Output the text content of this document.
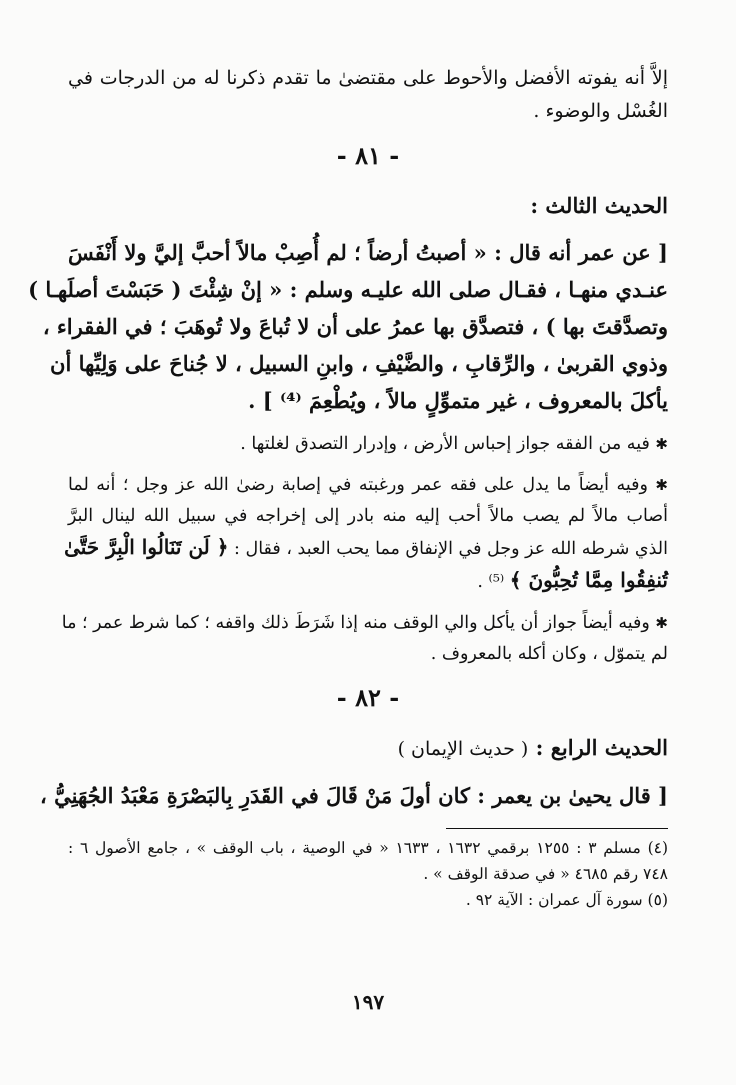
إلاَّ أنه يفوته الأفضل والأحوط على مقتضىٰ ما تقدم ذكرنا له من الدرجات في
الغُسْل والوضوء .
- ٨١ -
الحديث الثالث :
[ عن عمر أنه قال : « أصبتُ أرضاً ؛ لم أُصِبْ مالاً أحبَّ إليَّ ولا أَنْفَسَ
عنـدي منهـا ، فقـال صلى الله عليـه وسلم : « إنْ شِئْتَ ( حَبَسْتَ أصلَهـا )
وتصدَّقتَ بها ) ، فتصدَّق بها عمرُ على أن لا تُباعَ ولا تُوهَبَ ؛ في الفقراء ،
وذوي القربىٰ ، والرِّقابِ ، والضَّيْفِ ، وابنِ السبيل ، لا جُناحَ على وَلِيِّها أن
يأكلَ بالمعروف ، غير متموِّلٍ مالاً ، ويُطْعِمَ ⁽⁴⁾ ] .
✱ فيه من الفقه جواز إحباس الأرض ، وإدرار التصدق لغلتها .
✱ وفيه أيضاً ما يدل على فقه عمر ورغبته في إصابة رضىٰ الله عز وجل ؛ أنه لما
أصاب مالاً لم يصب مالاً أحب إليه منه بادر إلى إخراجه في سبيل الله لينال البرَّ
الذي شرطه الله عز وجل في الإنفاق مما يحب العبد ، فقال : ﴿ لَن تَنَالُوا الْبِرَّ حَتَّىٰ
تُنفِقُوا مِمَّا تُحِبُّونَ ﴾ ⁽⁵⁾ .
✱ وفيه أيضاً جواز أن يأكل والي الوقف منه إذا شَرَطَ ذلك واقفه ؛ كما شرط عمر ؛ ما
لم يتموّل ، وكان أكله بالمعروف .
- ٨٢ -
الحديث الرابع : ( حديث الإيمان )
[ قال يحيىٰ بن يعمر : كان أولَ مَنْ قَالَ في القَدَرِ بِالبَصْرَةِ مَعْبَدُ الجُهَنِيُّ ،
(٤) مسلم ٣ : ١٢٥٥ برقمي ١٦٣٢ ، ١٦٣٣ « في الوصية ، باب الوقف » ، جامع الأصول ٦ :
٧٤٨ رقم ٤٦٨٥ « في صدقة الوقف » .
(٥) سورة آل عمران : الآية ٩٢ .
١٩٧
